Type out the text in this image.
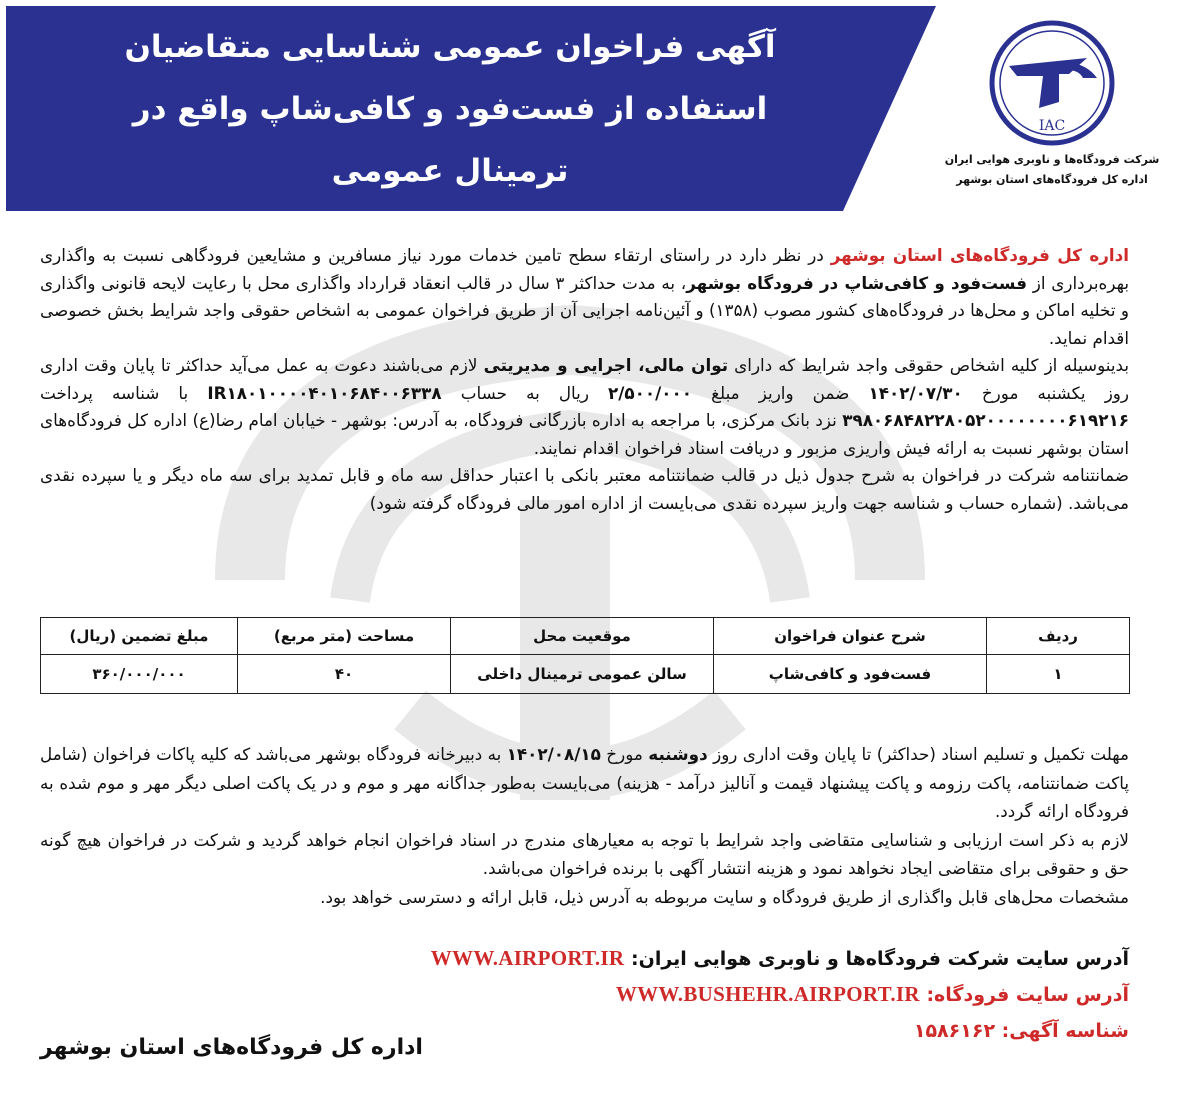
آگهی فراخوان عمومی شناسایی متقاضیان
استفاده از فست‌فود و کافی‌شاپ واقع در ترمینال عمومی
پروازهای داخلی در فرودگاه بوشهر
IAC
شرکت فرودگاه‌ها و ناوبری هوایی ایران
اداره کل فرودگاه‌های استان بوشهر

اداره کل فرودگاه‌های استان بوشهر در نظر دارد در راستای ارتقاء سطح تامین خدمات مورد نیاز مسافرین و مشایعین فرودگاهی نسبت به واگذاری بهره‌برداری از فست‌فود و کافی‌شاپ در فرودگاه بوشهر، به مدت حداکثر ۳ سال در قالب انعقاد قرارداد واگذاری محل با رعایت لایحه قانونی واگذاری و تخلیه اماکن و محل‌ها در فرودگاه‌های کشور مصوب (۱۳۵۸) و آئین‌نامه اجرایی آن از طریق فراخوان عمومی به اشخاص حقوقی واجد شرایط بخش خصوصی اقدام نماید.

بدینوسیله از کلیه اشخاص حقوقی واجد شرایط که دارای توان مالی، اجرایی و مدیریتی لازم می‌باشند دعوت به عمل می‌آید حداکثر تا پایان وقت اداری روز یکشنبه مورخ ۱۴۰۲/۰۷/۳۰ ضمن واریز مبلغ ۲/۵۰۰/۰۰۰ ریال به حساب IR۱۸۰۱۰۰۰۰۴۰۱۰۶۸۴۰۰۶۳۳۸ با شناسه پرداخت ۳۹۸۰۶۸۴۸۲۲۸۰۵۲۰۰۰۰۰۰۰۰۶۱۹۲۱۶ نزد بانک مرکزی، با مراجعه به اداره بازرگانی فرودگاه، به آدرس: بوشهر - خیابان امام رضا(ع) اداره کل فرودگاه‌های استان بوشهر نسبت به ارائه فیش واریزی مزبور و دریافت اسناد فراخوان اقدام نمایند.

ضمانتنامه شرکت در فراخوان به شرح جدول ذیل در قالب ضمانتنامه معتبر بانکی با اعتبار حداقل سه ماه و قابل تمدید برای سه ماه دیگر و یا سپرده نقدی می‌باشد. (شماره حساب و شناسه جهت واریز سپرده نقدی می‌بایست از اداره امور مالی فرودگاه گرفته شود)

ردیف	شرح عنوان فراخوان	موقعیت محل	مساحت (متر مربع)	مبلغ تضمین (ریال)
۱	فست‌فود و کافی‌شاپ	سالن عمومی ترمینال داخلی	۴۰	۳۶۰/۰۰۰/۰۰۰

مهلت تکمیل و تسلیم اسناد (حداکثر) تا پایان وقت اداری روز دوشنبه مورخ ۱۴۰۲/۰۸/۱۵ به دبیرخانه فرودگاه بوشهر می‌باشد که کلیه پاکات فراخوان (شامل پاکت ضمانتنامه، پاکت رزومه و پاکت پیشنهاد قیمت و آنالیز درآمد - هزینه) می‌بایست به‌طور جداگانه مهر و موم و در یک پاکت اصلی دیگر مهر و موم شده به فرودگاه ارائه گردد.

لازم به ذکر است ارزیابی و شناسایی متقاضی واجد شرایط با توجه به معیارهای مندرج در اسناد فراخوان انجام خواهد گردید و شرکت در فراخوان هیچ گونه حق و حقوقی برای متقاضی ایجاد نخواهد نمود و هزینه انتشار آگهی با برنده فراخوان می‌باشد.

مشخصات محل‌های قابل واگذاری از طریق فرودگاه و سایت مربوطه به آدرس ذیل، قابل ارائه و دسترسی خواهد بود.

آدرس سایت شرکت فرودگاه‌ها و ناوبری هوایی ایران: WWW.AIRPORT.IR
آدرس سایت فرودگاه: WWW.BUSHEHR.AIRPORT.IR
شناسه آگهی: ۱۵۸۶۱۶۲
اداره کل فرودگاه‌های استان بوشهر
